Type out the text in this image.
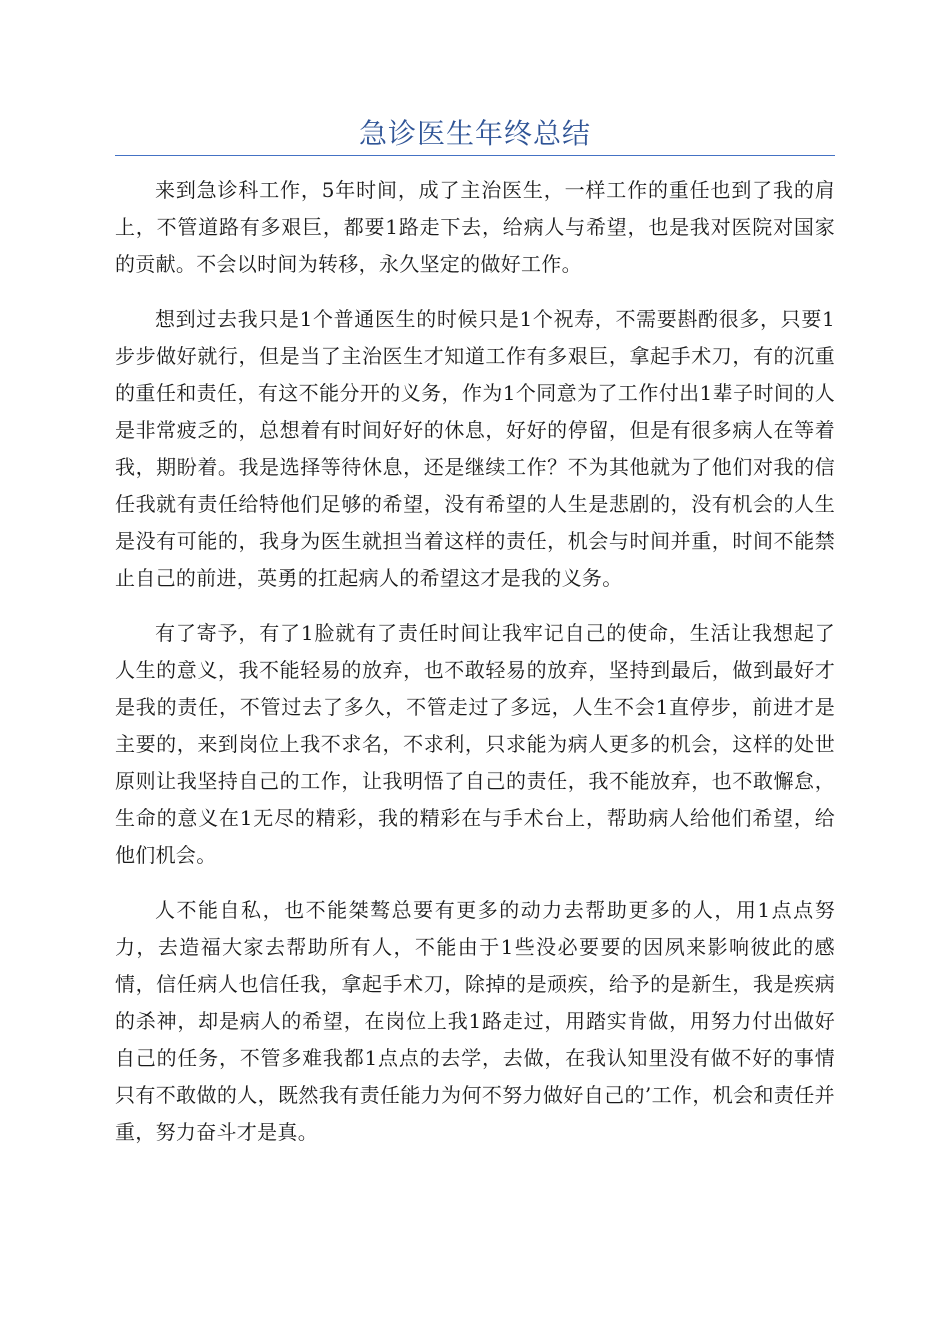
急诊医生年终总结

来到急诊科工作，5年时间，成了主治医生，一样工作的重任也到了我的肩上，不管道路有多艰巨，都要1路走下去，给病人与希望，也是我对医院对国家的贡献。不会以时间为转移，永久坚定的做好工作。

想到过去我只是1个普通医生的时候只是1个祝寿，不需要斟酌很多，只要1步步做好就行，但是当了主治医生才知道工作有多艰巨，拿起手术刀，有的沉重的重任和责任，有这不能分开的义务，作为1个同意为了工作付出1辈子时间的人是非常疲乏的，总想着有时间好好的休息，好好的停留，但是有很多病人在等着我，期盼着。我是选择等待休息，还是继续工作？不为其他就为了他们对我的信任我就有责任给特他们足够的希望，没有希望的人生是悲剧的，没有机会的人生是没有可能的，我身为医生就担当着这样的责任，机会与时间并重，时间不能禁止自己的前进，英勇的扛起病人的希望这才是我的义务。

有了寄予，有了1脸就有了责任时间让我牢记自己的使命，生活让我想起了人生的意义，我不能轻易的放弃，也不敢轻易的放弃，坚持到最后，做到最好才是我的责任，不管过去了多久，不管走过了多远，人生不会1直停步，前进才是主要的，来到岗位上我不求名，不求利，只求能为病人更多的机会，这样的处世原则让我坚持自己的工作，让我明悟了自己的责任，我不能放弃，也不敢懈怠，生命的意义在1无尽的精彩，我的精彩在与手术台上，帮助病人给他们希望，给他们机会。

人不能自私，也不能桀骜总要有更多的动力去帮助更多的人，用1点点努力，去造福大家去帮助所有人，不能由于1些没必要要的因夙来影响彼此的感情，信任病人也信任我，拿起手术刀，除掉的是顽疾，给予的是新生，我是疾病的杀神，却是病人的希望，在岗位上我1路走过，用踏实肯做，用努力付出做好自己的任务，不管多难我都1点点的去学，去做，在我认知里没有做不好的事情只有不敢做的人，既然我有责任能力为何不努力做好自己的’工作，机会和责任并重，努力奋斗才是真。
